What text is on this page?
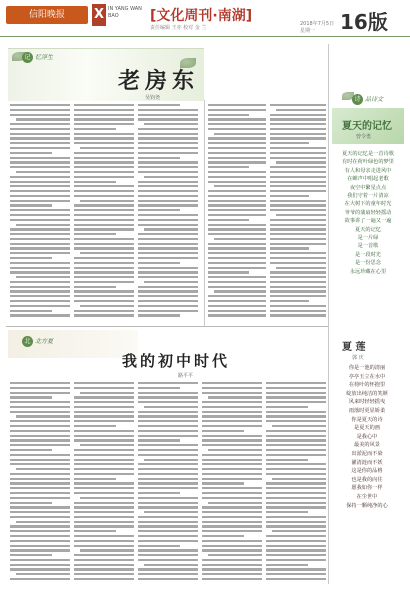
信阳晚报	X IN YANG WAN BAO	[文化周刊·南湖]
责任编辑 王亦 校对 金 兰
2018年7月5日 星期一	16版
记 忆浮生
老房东
吴钧尧	诗 品诗文
夏天的记忆
曾令勇
夏天的记忆是一首诗歌
有时在荷叶绿色的梦里
有人和母亲走进风中
在蝉声中唱起老歌
夜空中繁星点点
我们守着一片清凉
在大树下的童年时光
爷爷的蒲扇轻轻摇动
故事讲了一遍又一遍
夏天的记忆
是一片绿
是一首歌
是一段时光
是一份思念
永远珍藏在心里
北 北方夏
我的初中时代
路平平
夏 莲
郭 庆
你是一池的清丽
亭亭玉立在水中
在荷叶的怀抱里
绽放出纯洁的笑颜
风来时轻轻摇曳
雨落时更显娇柔
你是夏天的诗
是夏天的画
是我心中
最美的风景
出淤泥而不染
濯清涟而不妖
这是你的品格
也是我的向往
愿我如你一样
在尘世中
保持一颗纯净的心
